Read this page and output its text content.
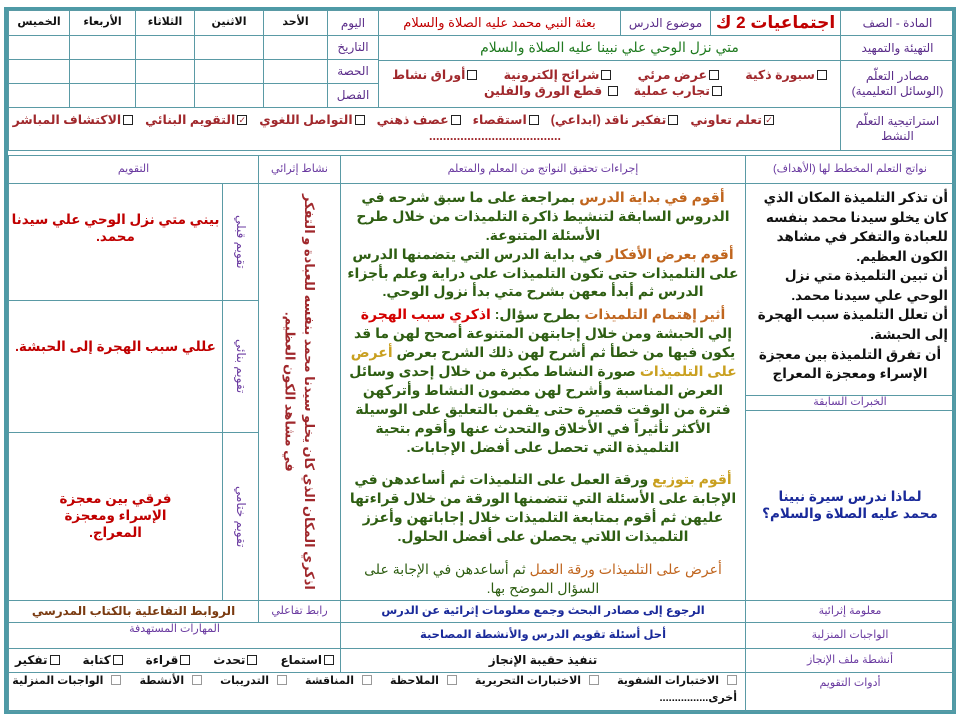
المادة - الصف
اجتماعيات 2 ك
موضوع الدرس
بعثة النبي محمد عليه الصلاة والسلام
اليوم
الأحد
الاثنين
الثلاثاء
الأربعاء
الخميس
التهيئة والتمهيد
متي نزل الوحي علي نبينا عليه الصلاة والسلام
التاريخ
الحصة
الفصل
مصادر التعلّم (الوسائل التعليمية)
سبورة ذكية
عرض مرئي
شرائح إلكترونية
أوراق نشاط
تجارب عملية
قطع الورق والفلين
استراتيجية التعلّم النشط
✓تعلم تعاوني
تفكير ناقد (ابداعي)
استقصاء
عصف ذهني
التواصل اللغوي
✓التقويم البنائي
الاكتشاف المباشر
......................................
نواتج التعلم المخطط لها (الأهداف)
إجراءات تحقيق النواتج من المعلم والمتعلم
نشاط إثرائي
التقويم
أن تذكر التلميذة المكان الذي كان يخلو سيدنا محمد بنفسه للعبادة والتفكر في مشاهد الكون العظيم.
أن تبين التلميذة متي نزل الوحي علي سيدنا محمد.
أن تعلل التلميذة سبب الهجرة إلى الحبشة.
أن تفرق التلميذة بين معجزة الإسراء ومعجزة المعراج
الخبرات السابقة
لماذا ندرس سيرة نبينا محمد عليه الصلاة والسلام؟
أقوم في بداية الدرس بمراجعة على ما سبق شرحه في الدروس السابقة لتنشيط ذاكرة التلميذات من خلال طرح الأسئلة المتنوعة.
أقوم بعرض الأفكار في بداية الدرس التي يتضمنها الدرس على التلميذات حتى تكون التلميذات على دراية وعلم بأجزاء الدرس ثم أبدأ معهن بشرح متي بدأ نزول الوحي.
أثير إهتمام التلميذات بطرح سؤال: اذكري سبب الهجرة إلي الحبشة ومن خلال إجابتهن المتنوعة أصحح لهن ما قد يكون فيها من خطأ ثم أشرح لهن ذلك الشرح بعرض أعرض على التلميذات صورة النشاط مكبرة من خلال إحدى وسائل العرض المناسبة وأشرح لهن مضمون النشاط وأتركهن فترة من الوقت قصيرة حتى يقمن بالتعليق على الوسيلة الأكثر تأثيراً في الأخلاق والتحدث عنها وأقوم بتحية التلميذة التي تحصل على أفضل الإجابات.
أقوم بتوزيع ورقة العمل على التلميذات ثم أساعدهن في الإجابة على الأسئلة التي تتضمنها الورقة من خلال قراءتها عليهن ثم أقوم بمتابعة التلميذات خلال إجاباتهن وأعزز التلميذات اللاتي يحصلن على أفضل الحلول.
أعرض على التلميذات ورقة العمل ثم أساعدهن في الإجابة على السؤال الموضح بها.
اذكري المكان الذي كان يخلو سيدنا محمد بنفسه للعبادة و التفكر في مشاهد الكون العظيم.
تقويم قبلي
بيني متي نزل الوحي علي سيدنا محمد.
تقويم بنائي
عللي سبب الهجرة إلى الحبشة.
تقويم ختامي
فرقي بين معجزة الإسراء ومعجزة المعراج.
معلومة إثرائية
الرجوع إلى مصادر البحث وجمع معلومات إثرائية عن الدرس
رابط تفاعلي
الروابط التفاعلية بالكتاب المدرسي
الواجبات المنزلية
أحل أسئلة تقويم الدرس والأنشطة المصاحبة
المهارات المستهدفة
أنشطة ملف الإنجاز
تنفيذ حقيبة الإنجاز
استماع
تحدث
قراءة
كتابة
تفكير
أدوات التقويم
الاختبارات الشفوية
الاختبارات التحريرية
الملاحظة
المناقشة
التدريبات
الأنشطة
الواجبات المنزلية
أخرى................
